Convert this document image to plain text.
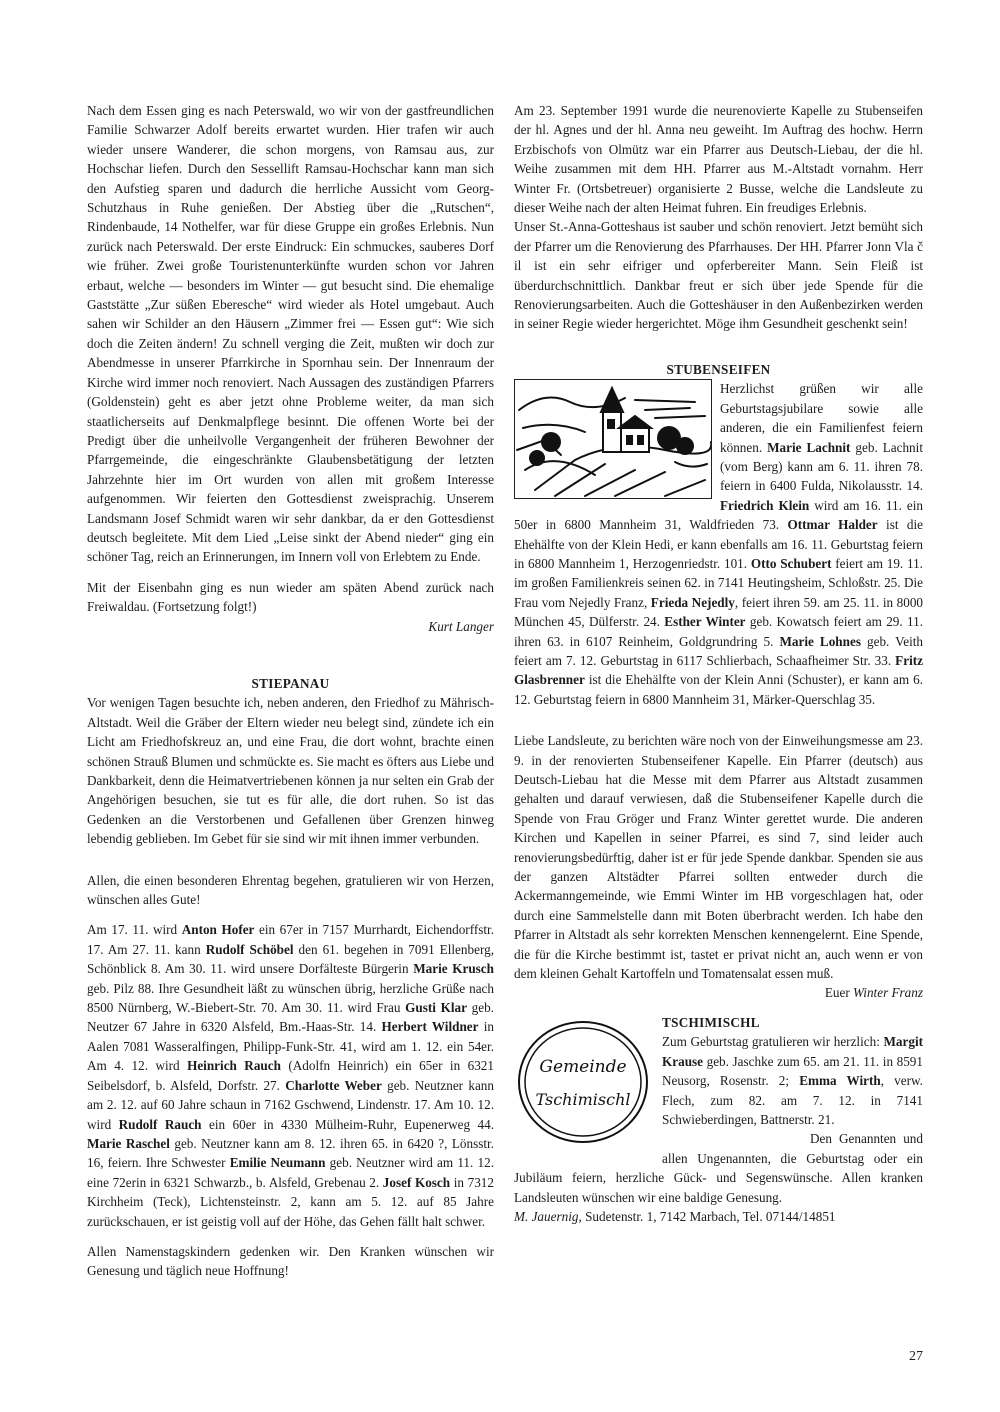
Nach dem Essen ging es nach Peterswald, wo wir von der gastfreundlichen Familie Schwarzer Adolf bereits erwartet wurden. Hier trafen wir auch wieder unsere Wanderer, die schon morgens, von Ramsau aus, zur Hochschar liefen. Durch den Sessellift Ramsau-Hochschar kann man sich den Aufstieg sparen und dadurch die herrliche Aussicht vom Georg-Schutzhaus in Ruhe genießen. Der Abstieg über die „Rutschen“, Rindenbaude, 14 Nothelfer, war für diese Gruppe ein großes Erlebnis. Nun zurück nach Peterswald. Der erste Eindruck: Ein schmuckes, sauberes Dorf wie früher. Zwei große Touristenunterkünfte wurden schon vor Jahren erbaut, welche — besonders im Winter — gut besucht sind. Die ehemalige Gaststätte „Zur süßen Eberesche“ wird wieder als Hotel umgebaut. Auch sahen wir Schilder an den Häusern „Zimmer frei — Essen gut“: Wie sich doch die Zeiten ändern! Zu schnell verging die Zeit, mußten wir doch zur Abendmesse in unserer Pfarrkirche in Spornhau sein. Der Innenraum der Kirche wird immer noch renoviert. Nach Aussagen des zuständigen Pfarrers (Goldenstein) geht es aber jetzt ohne Probleme weiter, da man sich staatlicherseits auf Denkmalpflege besinnt. Die offenen Worte bei der Predigt über die unheilvolle Vergangenheit der früheren Bewohner der Pfarrgemeinde, die eingeschränkte Glaubensbetätigung der letzten Jahrzehnte hier im Ort wurden von allen mit großem Interesse aufgenommen. Wir feierten den Gottesdienst zweisprachig. Unserem Landsmann Josef Schmidt waren wir sehr dankbar, da er den Gottesdienst deutsch begleitete. Mit dem Lied „Leise sinkt der Abend nieder“ ging ein schöner Tag, reich an Erinnerungen, im Innern voll von Erlebtem zu Ende.

Mit der Eisenbahn ging es nun wieder am späten Abend zurück nach Freiwaldau. (Fortsetzung folgt!)
Kurt Langer

STIEPANAU

Vor wenigen Tagen besuchte ich, neben anderen, den Friedhof zu Mährisch-Altstadt. Weil die Gräber der Eltern wieder neu belegt sind, zündete ich ein Licht am Friedhofskreuz an, und eine Frau, die dort wohnt, brachte einen schönen Strauß Blumen und schmückte es. Sie macht es öfters aus Liebe und Dankbarkeit, denn die Heimatvertriebenen können ja nur selten ein Grab der Angehörigen besuchen, sie tut es für alle, die dort ruhen. So ist das Gedenken an die Verstorbenen und Gefallenen über Grenzen hinweg lebendig geblieben. Im Gebet für sie sind wir mit ihnen immer verbunden.

Allen, die einen besonderen Ehrentag begehen, gratulieren wir von Herzen, wünschen alles Gute!

Am 17. 11. wird Anton Hofer ein 67er in 7157 Murrhardt, Eichendorffstr. 17. Am 27. 11. kann Rudolf Schöbel den 61. begehen in 7091 Ellenberg, Schönblick 8. Am 30. 11. wird unsere Dorfälteste Bürgerin Marie Krusch geb. Pilz 88. Ihre Gesundheit läßt zu wünschen übrig, herzliche Grüße nach 8500 Nürnberg, W.-Biebert-Str. 70. Am 30. 11. wird Frau Gusti Klar geb. Neutzer 67 Jahre in 6320 Alsfeld, Bm.-Haas-Str. 14. Herbert Wildner in Aalen 7081 Wasseralfingen, Philipp-Funk-Str. 41, wird am 1. 12. ein 54er. Am 4. 12. wird Heinrich Rauch (Adolfn Heinrich) ein 65er in 6321 Seibelsdorf, b. Alsfeld, Dorfstr. 27. Charlotte Weber geb. Neutzner kann am 2. 12. auf 60 Jahre schaun in 7162 Gschwend, Lindenstr. 17. Am 10. 12. wird Rudolf Rauch ein 60er in 4330 Mülheim-Ruhr, Eupenerweg 44. Marie Raschel geb. Neutzner kann am 8. 12. ihren 65. in 6420 ?, Lönsstr. 16, feiern. Ihre Schwester Emilie Neumann geb. Neutzner wird am 11. 12. eine 72erin in 6321 Schwarzb., b. Alsfeld, Grebenau 2. Josef Kosch in 7312 Kirchheim (Teck), Lichtensteinstr. 2, kann am 5. 12. auf 85 Jahre zurückschauen, er ist geistig voll auf der Höhe, das Gehen fällt halt schwer.

Allen Namenstagskindern gedenken wir. Den Kranken wünschen wir Genesung und täglich neue Hoffnung!

Am 23. September 1991 wurde die neurenovierte Kapelle zu Stubenseifen der hl. Agnes und der hl. Anna neu geweiht. Im Auftrag des hochw. Herrn Erzbischofs von Olmütz war ein Pfarrer aus Deutsch-Liebau, der die hl. Weihe zusammen mit dem HH. Pfarrer aus M.-Altstadt vornahm. Herr Winter Fr. (Ortsbetreuer) organisierte 2 Busse, welche die Landsleute zu dieser Weihe nach der alten Heimat fuhren. Ein freudiges Erlebnis.

Unser St.-Anna-Gotteshaus ist sauber und schön renoviert. Jetzt bemüht sich der Pfarrer um die Renovierung des Pfarrhauses. Der HH. Pfarrer Jonn Vla č il ist ein sehr eifriger und opferbereiter Mann. Sein Fleiß ist überdurchschnittlich. Dankbar freut er sich über jede Spende für die Renovierungsarbeiten. Auch die Gotteshäuser in den Außenbezirken werden in seiner Regie wieder hergerichtet. Möge ihm Gesundheit geschenkt sein!

STUBENSEIFEN

Herzlichst grüßen wir alle Geburtstagsjubilare sowie alle anderen, die ein Familienfest feiern können. Marie Lachnit geb. Lachnit (vom Berg) kann am 6. 11. ihren 78. feiern in 6400 Fulda, Nikolausstr. 14. Friedrich Klein wird am 16. 11. ein 50er in 6800 Mannheim 31, Waldfrieden 73. Ottmar Halder ist die Ehehälfte von der Klein Hedi, er kann ebenfalls am 16. 11. Geburtstag feiern in 6800 Mannheim 1, Herzogenriedstr. 101. Otto Schubert feiert am 19. 11. im großen Familienkreis seinen 62. in 7141 Heutingsheim, Schloßstr. 25. Die Frau vom Nejedly Franz, Frieda Nejedly, feiert ihren 59. am 25. 11. in 8000 München 45, Dülferstr. 24. Esther Winter geb. Kowatsch feiert am 29. 11. ihren 63. in 6107 Reinheim, Goldgrundring 5. Marie Lohnes geb. Veith feiert am 7. 12. Geburtstag in 6117 Schlierbach, Schaafheimer Str. 33. Fritz Glasbrenner ist die Ehehälfte von der Klein Anni (Schuster), er kann am 6. 12. Geburtstag feiern in 6800 Mannheim 31, Märker-Querschlag 35.

Liebe Landsleute, zu berichten wäre noch von der Einweihungsmesse am 23. 9. in der renovierten Stubenseifener Kapelle. Ein Pfarrer (deutsch) aus Deutsch-Liebau hat die Messe mit dem Pfarrer aus Altstadt zusammen gehalten und darauf verwiesen, daß die Stubenseifener Kapelle durch die Spende von Frau Gröger und Franz Winter gerettet wurde. Die anderen Kirchen und Kapellen in seiner Pfarrei, es sind 7, sind leider auch renovierungsbedürftig, daher ist er für jede Spende dankbar. Spenden sie aus der ganzen Altstädter Pfarrei sollten entweder durch die Ackermanngemeinde, wie Emmi Winter im HB vorgeschlagen hat, oder durch eine Sammelstelle dann mit Boten überbracht werden. Ich habe den Pfarrer in Altstadt als sehr korrekten Menschen kennengelernt. Eine Spende, die für die Kirche bestimmt ist, tastet er privat nicht an, auch wenn er von dem kleinen Gehalt Kartoffeln und Tomatensalat essen muß.

Euer Winter Franz

Gemeinde
Tschimischl

TSCHIMISCHL

Zum Geburtstag gratulieren wir herzlich: Margit Krause geb. Jaschke zum 65. am 21. 11. in 8591 Neusorg, Rosenstr. 2; Emma Wirth, verw. Flech, zum 82. am 7. 12. in 7141 Schwieberdingen, Battnerstr. 21.

Den Genannten und allen Ungenannten, die Geburtstag oder ein Jubiläum feiern, herzliche Gück- und Segenswünsche. Allen kranken Landsleuten wünschen wir eine baldige Genesung.

M. Jauernig, Sudetenstr. 1, 7142 Marbach, Tel. 07144/14851

27
